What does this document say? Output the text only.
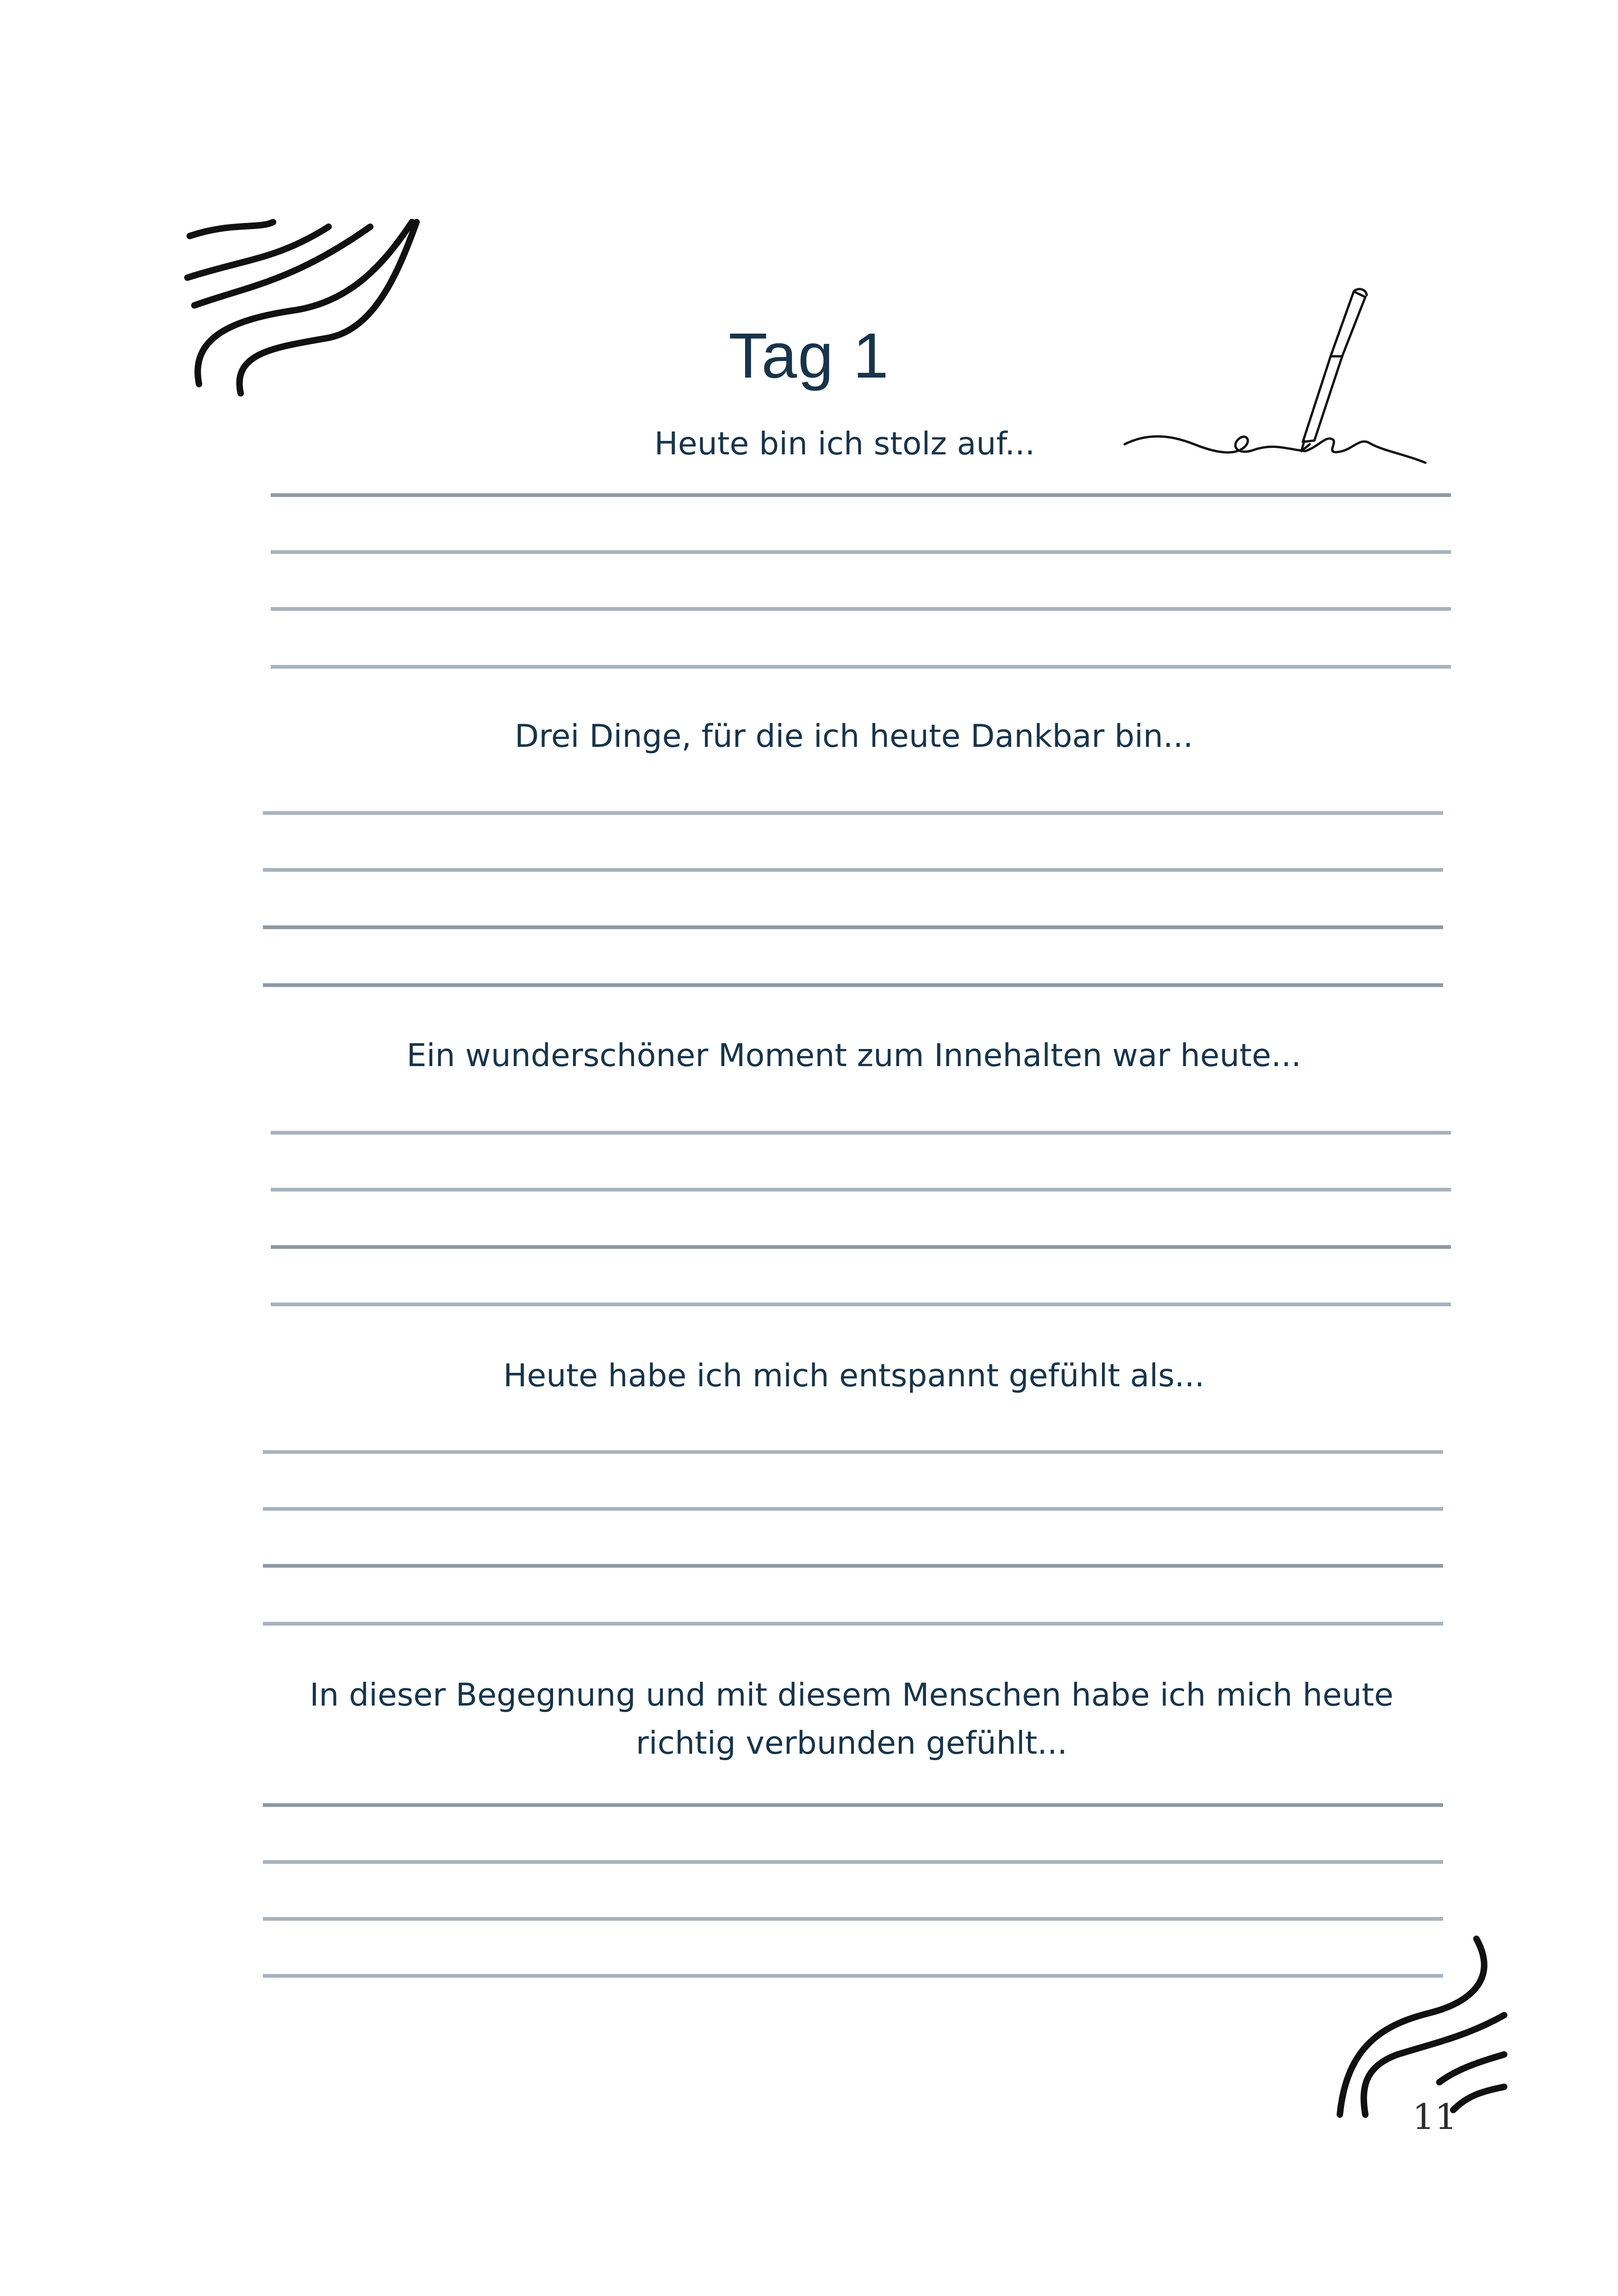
Tag 1
Heute bin ich stolz auf...
Drei Dinge, für die ich heute Dankbar bin...
Ein wunderschöner Moment zum Innehalten war heute...
Heute habe ich mich entspannt gefühlt als...
In dieser Begegnung und mit diesem Menschen habe ich mich heute richtig verbunden gefühlt...
11
